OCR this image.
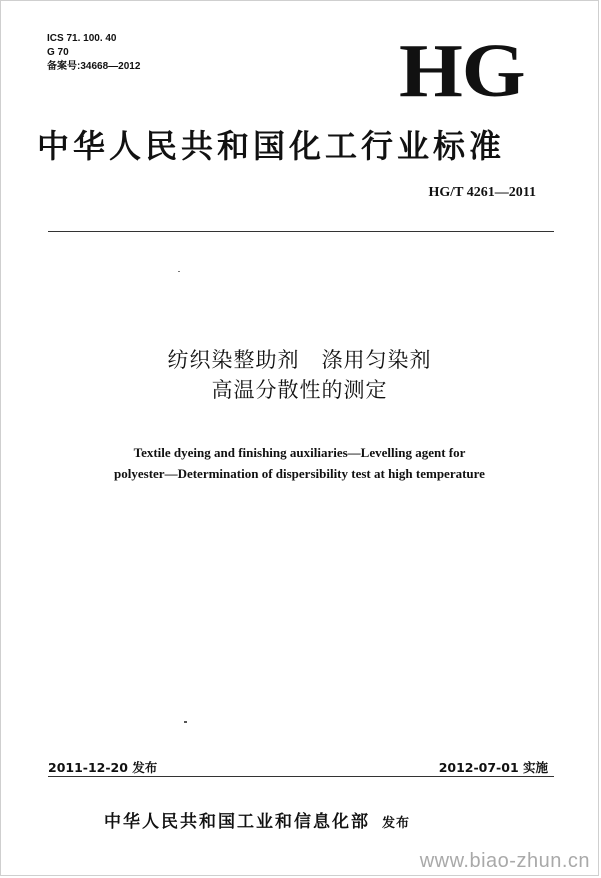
ICS 71. 100. 40
G 70
备案号:34668—2012	HG
中华人民共和国化工行业标准
HG/T 4261—2011
纺织染整助剂　涤用匀染剂
高温分散性的测定
Textile dyeing and finishing auxiliaries—Levelling agent for
polyester—Determination of dispersibility test at high temperature
2011-12-20 发布	2012-07-01 实施
中华人民共和国工业和信息化部 发布
www.biao-zhun.cn
